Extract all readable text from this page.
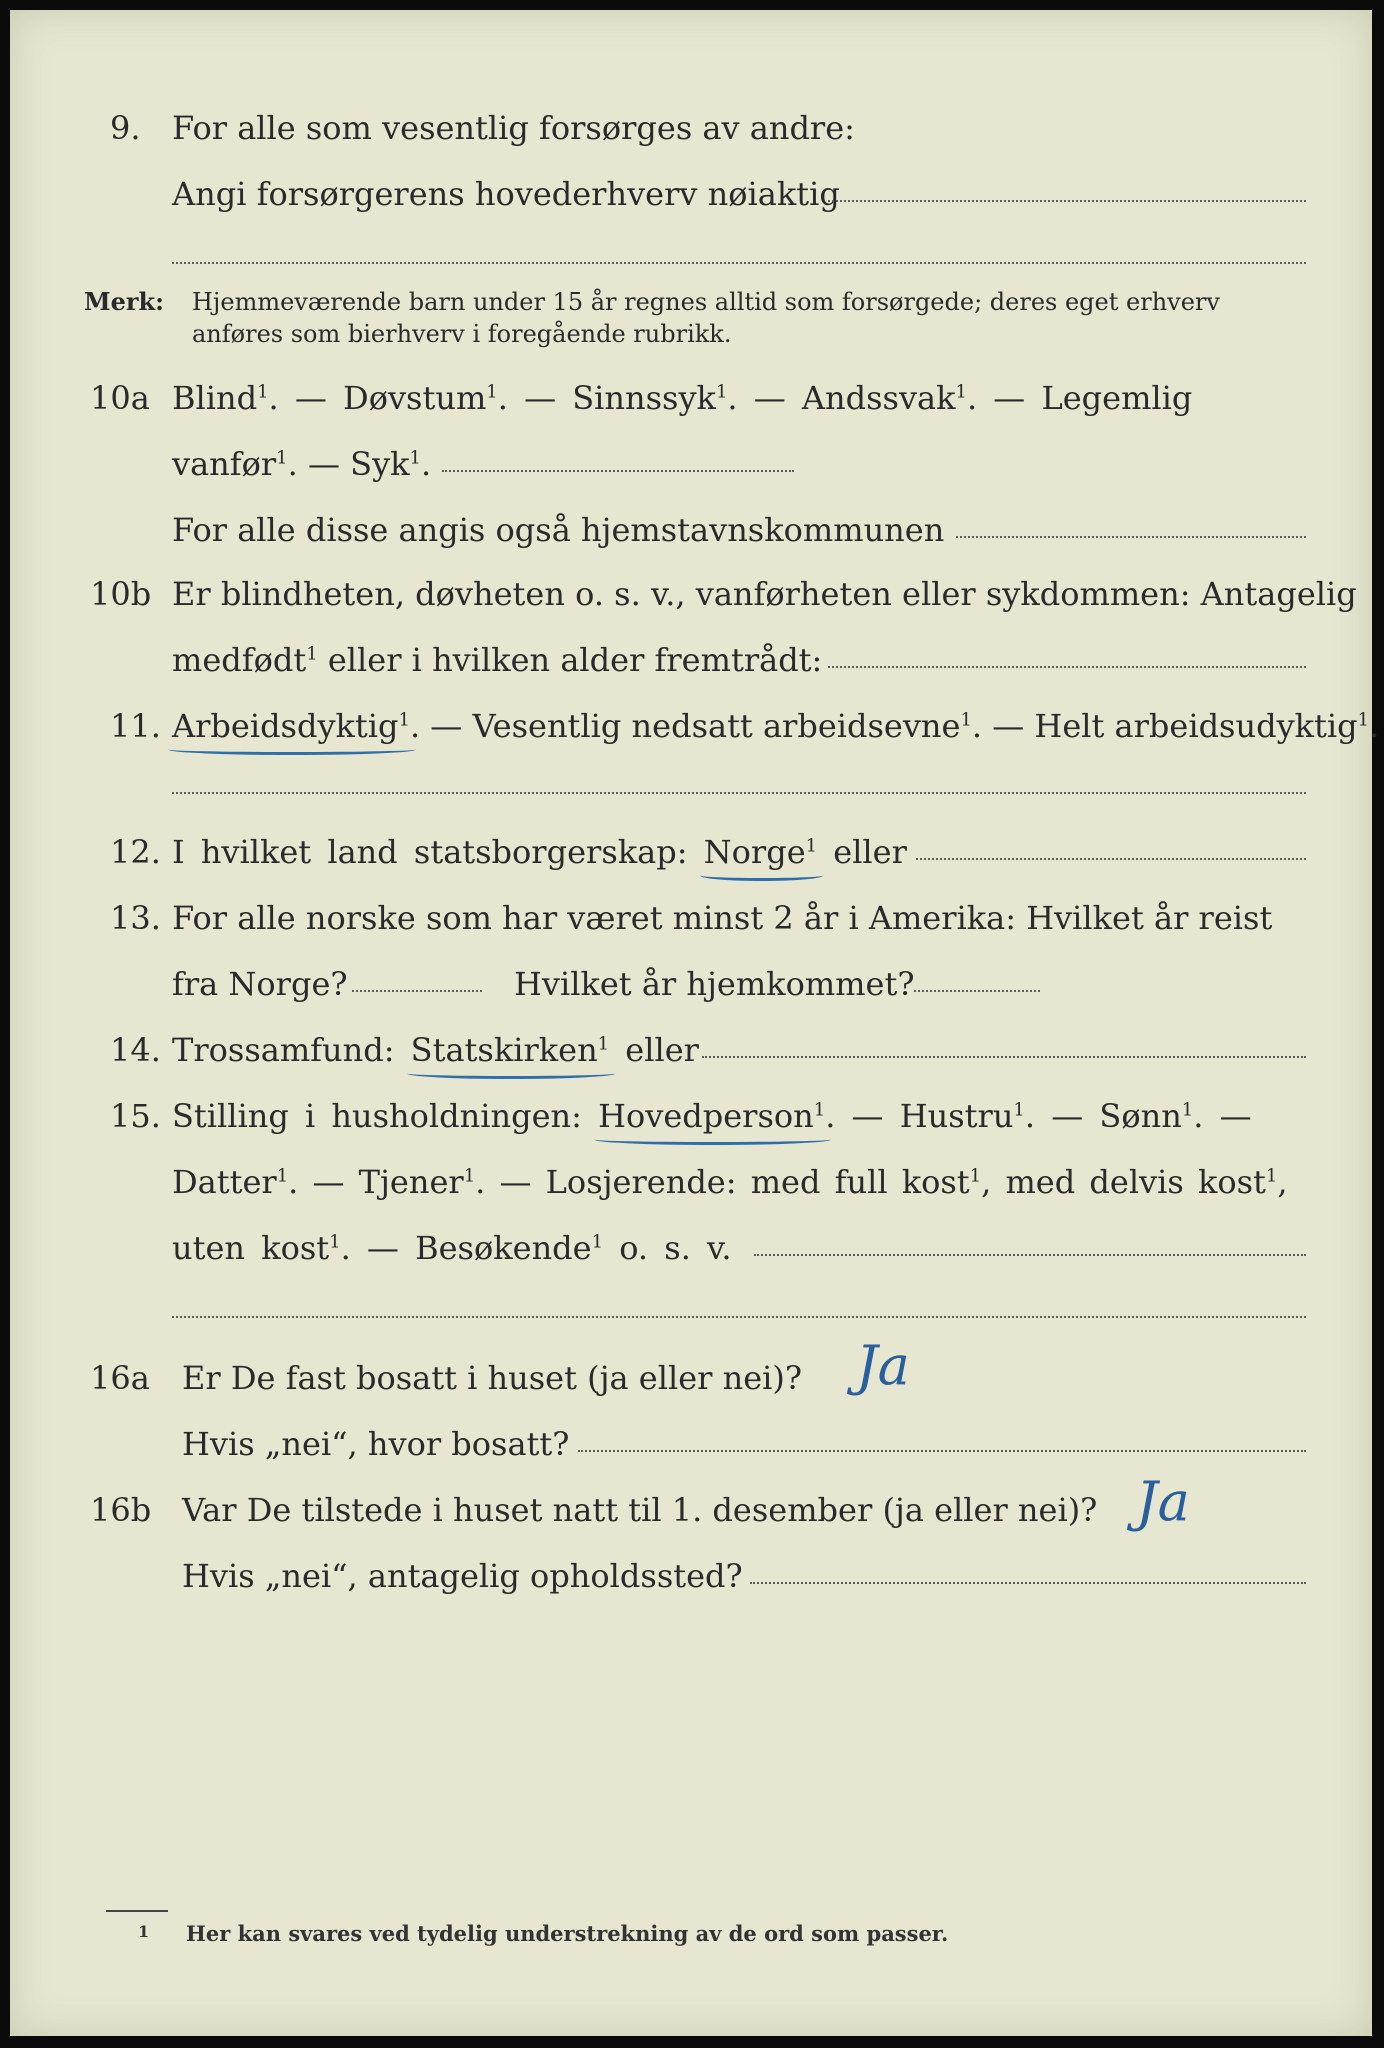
9. For alle som vesentlig forsørges av andre:
Angi forsørgerens hovederhverv nøiaktig
Merk: Hjemmeværende barn under 15 år regnes alltid som forsørgede; deres eget erhverv
anføres som bierhverv i foregående rubrikk.
10a Blind$^1$. — Døvstum$^1$. — Sinnssyk$^1$. — Andssvak$^1$. — Legemlig
vanfør$^1$. — Syk$^1$.
For alle disse angis også hjemstavnskommunen
10b Er blindheten, døvheten o. s. v., vanførheten eller sykdommen: Antagelig
medfødt$^1$ eller i hvilken alder fremtrådt:
11. Arbeidsdyktig$^1$. — Vesentlig nedsatt arbeidsevne$^1$. — Helt arbeidsudyktig$^1$.
12. I hvilket land statsborgerskap: Norge$^1$ eller
13. For alle norske som har været minst 2 år i Amerika: Hvilket år reist
fra Norge?	Hvilket år hjemkommet?
14. Trossamfund: Statskirken$^1$ eller
15. Stilling i husholdningen: Hovedperson$^1$. — Hustru$^1$. — Sønn$^1$. —
Datter$^1$. — Tjener$^1$. — Losjerende: med full kost$^1$, med delvis kost$^1$,
uten kost$^1$. — Besøkende$^1$ o. s. v.
16a	Er De fast bosatt i huset (ja eller nei)? Ja
Hvis „nei“, hvor bosatt?
16b Var De tilstede i huset natt til 1. desember (ja eller nei)? Ja
Hvis „nei“, antagelig opholdssted?
1 Her kan svares ved tydelig understrekning av de ord som passer.
